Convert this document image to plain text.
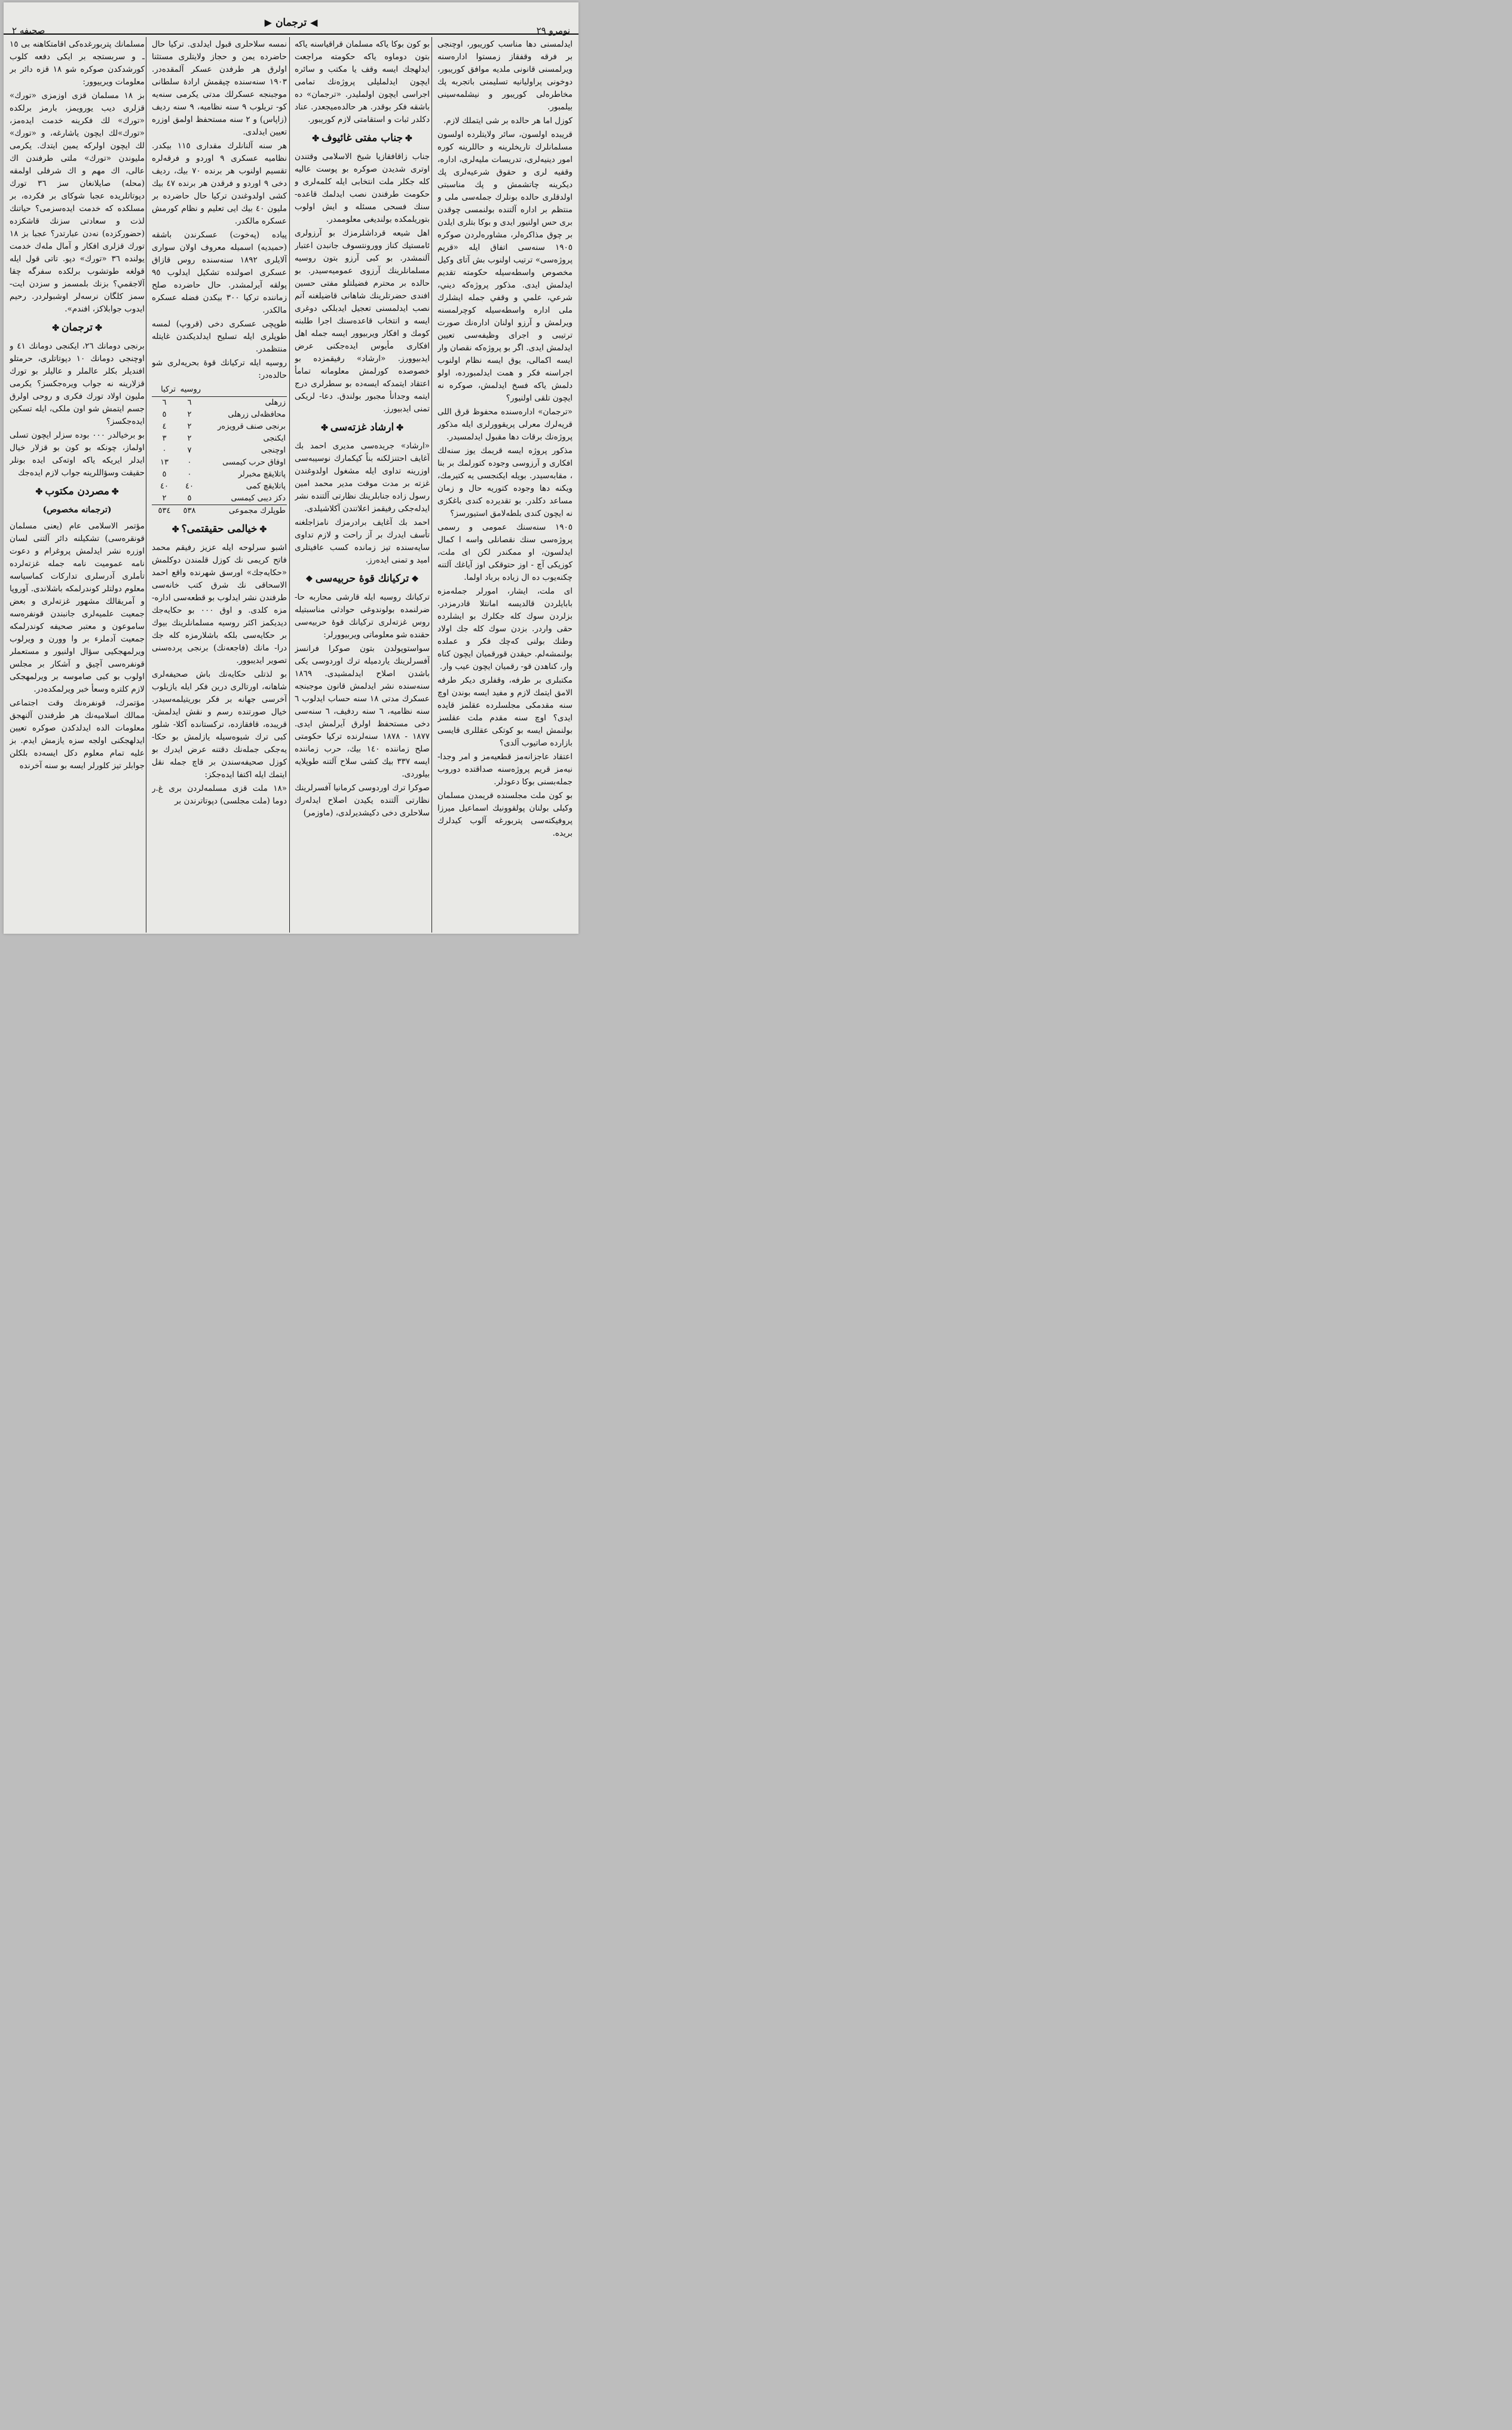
صحيفه ٢
◀ترجمان▶
نومرو ٢٩

ايدلمسنى دها مناسب كوريبور، اوچنجى بر فرقه وقفقاز زمستوا ادارەسنه ويرلمسنى قانونى ملديه موافق كوريبور، دوخونى پراوليانيه تسليمنى باتجربه پك مخاطرەلى كوريبور و نيشلمەسينى بيلمبور.

كوزل اما هر حالده بر شى ايتملك لازم.

قريبده اولسون، سائر ولايتلرده اولسون مسلمانلرك تاريخلرينه و حاللرينه كوره امور دينيەلرى، تدريسات مليەلرى، ادارە، وقفيه لرى و حقوق شرعيەلرى پك ديكرينه چاتشمش و پك مناسبتى اولدقلرى حالده بونلرك جملەسى ملى و منتظم بر اداره آلتنده بولنمسى چوقدن برى حس اولنيور ايدى و بوكا بتلرى ايلدن بر چوق مذاكرەلر، مشاورەلردن صوكره ١٩٠٥ سنەسى اتفاق ايله «قريم پروژەسى» ترتيب اولنوب بش آتاى وكيل مخصوص واسطەسيله حكومته تقديم ايدلمش ايدى. مذكور پروژەكه ديني، شرعي، علمي و وقفي جمله ايشلرك ملى اداره واسطەسيله كوچرلمسنه ويرلمش و آرزو اولنان ادارەنك صورت ترتيبى و اجراى وظيفەسى تعيين ايدلمش ايدى. اگر بو پروژەكه نقصان وار ايسه اكمالى، يوق ايسه نظام اولنوب اجراسنه فكر و همت ايدلمبوردە، اولو دلمش ياكه فسخ ايدلمش، صوكره نه ايچون تلقى اولنيور؟

«ترجمان» ادارەسنده محفوظ قرق اللى قريەلرك معرلى پريقوورلرى ايله مذكور پروژەنك برقات دها مقبول ايدلمسيدر.

مذكور پروژه ايسه قريمك يوز سنەلك افكارى و آرزوسى وجوده كتورلمك بر بنا ، مقابەسيدر. بويله ايكنجسى يه كتيرمك، ويكنه دها وجوده كتوريه حال و زمان مساعد دكلدر. بو تقديرده كندى باغكزى نه ايچون كندى بلطەلامق استيورسز؟

١٩٠٥ سنەسنك عمومى و رسمى پروژەسى سنك نقصانلى واسه ا كمال ايدلسون، او ممكندر لكن اى ملت، كوزيكى آچ - اوز حتوقكى اوز آياغك آلتنه چكنەيوب ده ال زياده برباد اولما.

اى ملت، ايشار، امورلر جملەمزه بابايلردن قالديسه امانتلا قادرمزدر. بزلردن سوك كله جكلرك بو ايشلرده حقى واردر. بزدن سوك كله جك اولاد وطنك بولنى كەچك فكر و عملده بولنمشەلم. حيقدن قورقميان ايچون كناه وار، كناهدن قو- رقميان ايچون عيب وار.

مكتبلرى بر طرفه، وقفلرى ديكر طرفه الامق ايتمك لازم و مفيد ايسه بوندن اوچ سنه مقدمكى مجلسلرده عقلمز قايده ايدى؟ اوچ سنه مقدم ملت عقلسز بولنمش ايسه بو كوتكى عقللرى قايسى بازارده صاتيوب آلدى؟

اعتقاد عاجزانەمز قطعيەمز و امر وجدا- نيەمز قريم پروژەسنه صداقتده دوروب جملەبسنى بوكا دعودلر.

بو كون ملت مجلسنده قريمدن مسلمان وكيلى بولنان پولقوونيك اسماعيل ميرزا پروفيكتەسى پتربورغه آلوب كيدلرك بريده.

بو كون بوكا ياكه مسلمان قراقياسنه ياكه بتون دوماوه ياكه حكومته مراجعت ايدلهجك ايسه وقف يا مكتب و سائره ايچون ايدلمليلى پروژەنك تمامى اجراسى ايچون اولمليدر. «ترجمان» ده باشقه فكر بوقدر. هر حالدەميجعدر. عناد دكلدر ثبات و استقامتى لازم كوريبور.

✤جناب مفتى غائيوف✤

جناب زاقافقازيا شيخ الاسلامى وقتندن اوترى شديدن صوكره بو پوست عاليه كله جكلر ملت انتخابى ايله كلمەلرى و حكومت طرفندن نصب ايدلمك قاعده- سنك فسحى مسئله و ايش اولوب بتوريلمكده بولنديغى معلوممدر.

اهل شيعه قرداشلرمزك بو آرزولرى ئامستيك كناز وورونتسوف جانبدن اعتبار آلنمشدر. بو كبى آرزو بتون روسيه مسلمانلرينك آرزوى عموميەسيدر. بو حالده بر محترم فضيلتلو مفتى حسين افندى حضرتلرينك شاهانى قاضيلغنه آتم نصب ايدلمسنى تعجيل ايدبلكى دوغرى ايسه و انتخاب قاعدەسنك اجرا طلبنه كومك و افكار ويربيوور ايسه جمله اهل افكارى مأيوس ايدەجكنى عرض ايدبيوورز. «ارشاد» رفيقمزده بو خصوصده كورلمش معلومانه تمامأ اعتقاد ايتمدكه ايسەده بو سطرلرى درج ايتمه وجدانأ مجبور بولندق. دعا- لريكى تمنى ايدبيورز.

✤ارشاد غزتەسى✤

«ارشاد» جريدەسى مديرى احمد بك آغايف احتنزلكنه بناً كيكمارك نوسيبەسى اوزرينه تداوى ايله مشغول اولدوغندن غزته بر مدت موقت مدير محمد امين رسول زاده جنابلرينك نظارتى آلتنده نشر ايدلەجكى رفيقمز اعلاتندن آكلاشيلدى.

احمد بك آغايف برادرمزك نامزاجلغنه تأسف ايدرك بر آز راحت و لازم تداوى سايەسنده تيز زمانده كسب عافيتلرى اميد و تمنى ايدەرز.

❖تركيانك قوۀ حربيەسى❖

تركيانك روسيه ايله قارشى محاربه حا- ضرلنمده بولوندوغى حوادثى مناسبتيله روس غزتەلرى تركيانك قوۀ حربيەسى حقنده شو معلوماتى ويربيوورلر:

سواستوپولدن بتون صوكرا فرانسز آفسرلرينك ياردميله ترك اوردوسى يكى باشدن اصلاح ايدلمشيدى. ١٨٦٩ سنەسنده نشر ايدلمش قانون موجبنجه عسكرك مدتى ١٨ سنه حساب ايدلوب ٦ سنه نظاميه، ٦ سنه ردفيف، ٦ سنەسى دخى مستحفظ اولرق آيرلمش ايدى. ١٨٧٧ - ١٨٧٨ سنەلرنده تركيا حكومتى صلح زماننده ١٤٠ بيك، حرب زماننده ايسه ٣٣٧ بيك كشى سلاح آلتنه طوپلايه بيلوردى.

صوكرا ترك اوردوسى كرمانيا آفسرلرينك نظارتى آلتنده يكيدن اصلاح ايدلەرك سلاحلرى دخى دكيشديرلدى، (ماوزمر)

نمسه سلاحلرى قبول ايدلدى. تركيا حال حاضرده يمن و حجاز ولايتلرى مستثنا اولرق هر طرفدن عسكر آلمقدەدر. ١٩٠٣ سنەسنده چيقمش ارادۀ سلطانى موجبنجه عسكرلك مدتى يكرمى سنەيه كو- تريلوب ٩ سنه نظاميه، ٩ سنه رديف (زاپاس) و ٢ سنه مستحفظ اولمق اوزره تعيين ايدلدى.

هر سنه آلنانلرك مقدارى ١١٥ بيكدر. نظاميه عسكرى ٩ اوردو و فرقەلره تقسيم اولنوب هر برنده ٧٠ بيك، رديف دخى ٩ اوردو و فرقدن هر برنده ٤٧ بيك كشى اولدوغندن تركيا حال حاضرده بر مليون ٤٠ بيك ايى تعليم و نظام كورمش عسكره مالكدر.

پياده (پەخوت) عسكرندن باشقه (حميديه) اسميله معروف اولان سوارى آلايلرى ١٨٩٢ سنەسنده روس قازاق عسكرى اصولنده تشكيل ايدلوب ٩٥ پولقه آيرلمشدر. حال حاضرده صلح زماننده تركيا ٣٠٠ بيكدن فضله عسكره مالكدر.

طوپچى عسكرى دخى (قروپ) لمسه طوپلرى ايله تسليح ايدلديكندن غايتله منتظمدر.

روسيه ايله تركيانك قوۀ بحريەلرى شو حالدەدر:

	روسيه	تركيا
زرهلى	٦	٦
محافظەلى زرهلى	٢	٥
برنجى صنف قرويزەر	٢	٤
ايكنجى	٢	٣
اوچنجى	٧	٠
اوفاق حرب كيمسى	٠	١٣
پاتلايقچ مخبرلر	٠	٥
پاتلايقچ كمى	٤٠	٤٠
دكز دیبى كيمسى	٥	٢
طوپلرك مجموعى	٥٣٨	٥٣٤
✤خيالمى حقيقتمى؟✤

اشبو سرلوحه ايله عزيز رفيقم محمد فاتح كريمى نك كوزل قلمندن دوكلمش «حكايەجك» اورسق شهرنده واقع احمد الاسحاقى نك شرق كتب خانەسى طرفندن نشر ايدلوب بو قطعەسى ادارە- مزه كلدى. و اوق ٠٠٠ بو حكايەجك ديديكمز اكثر روسيه مسلمانلرينك بيوك بر حكايەسى بلكه باشلارمزه كله جك درا- مانك (فاجعەنك) برنجى پردەسنى تصوير ايديبوور.

بو لذتلى حكايەنك باش صحيفەلرى شاهانه، اورتالرى درين فكر ايله يازيلوب آخرسى جهانه بر فكر بوريتيلمەسيدر. خيال صورتنده رسم و نقش ايدلمش. قريبده، قافقازده، تركستانده آكلا- شلور كبى ترك شيوەسيله يازلمش بو حكا- يەجكى جملەنك دقتنه عرض ايدرك بو كوزل صحيفەسندن بر قاچ جمله نقل ايتمك ايله اكتفا ايدەجكز:

«١٨ ملت قزى مسلمەلردن برى غ.ر دوما (ملت مجلسى) دپوتاترندن بر

مسلمانك پتربورغدەكى اقامتكاهنه بى ١٥ ـ و سربستجه بر ايكى دفعه كلوب كورشدكدن صوكره شو ١٨ قزه دائر بر معلومات ويرييوور:

بز ١٨ مسلمان قزى اوزمزى «تورك» قزلرى ديب يورويمز، بارمز برلكده «تورك» لك فكرينه خدمت ايدەمز، «تورك»لك ايچون ياشارغه، و «تورك» لك ايچون اولركه يمين ايتدك. يكرمى مليوندن «تورك» ملتى طرفندن اك عالى، اك مهم و اك شرفلى اولمقه (محله) صايلانغان سز ٣٦ تورك دپوتاتلريده عجبا شوكاى بر فكرده، بر مسلكدە كه خدمت ايدەسزمى؟ حياتنك لذت و سعادتى سزنك قاشكزده (حضوركزده) نەدن عبارتدر؟ عجبا بز ١٨ تورك قزلرى افكار و آمال ملەك خدمت يولنده ٣٦ «تورك» دپو. تاتى قول ايله قولغه طوتشوب برلكده سفرگه چقا آلاجقمي؟ بزنك بلمسمز و سزدن ايت- سمز كلگان نرسەلر اوشبولردر. رحيم ايدوب جوابلاكز، افندم».

✤ترجمان✤

برنجى دومانك ٢٦، ايكنجى دومانك ٤١ و اوچنجى دومانك ١٠ دپوتاتلرى، حرمتلو افنديلر بكلر عالملر و عاليلر بو تورك قزلارينه نه جواب ويرەجكسز؟ يكرمى مليون اولاد تورك فكرى و روحى اولرق جسم ايتمش شو اون ملكى، ايله تسكين ايدەجكسز؟

بو برخيالدر ٠٠٠ بوده سزلر ايچون تسلى اولماز، چونكه بو كون بو قزلار خيال ايدلر ايريكه ياكه اوتەكى ايده بونلر حقيقت وسؤاللرينه جواب لازم ايدەجك

✤مصردن مكتوب✤
(ترجمانه مخصوص)

مؤتمر الاسلامى عام (يعنى مسلمان قونقرەسى) تشكيلنه دائر آلتنى لسان اوزره نشر ايدلمش پروغرام و دعوت نامه عموميت نامه جمله غزتەلرده تأملرى آدرسلرى تداركات كماسياسه معلوم دولتلر كوندرلمكه باشلاندى. آوروپا و آمريقالك مشهور غزتەلرى و بعض جمعيت علميەلرى جانبندن قونفرەسه ساموعون و معتبر صحيفه كوندرلمكه جمعيت آدملرء بر وا وورن و ويرلوب ويرلمهجكيى سؤال اولنيور و مستعملر قونفرەسى آچيق و آشكار بر مجلس اولوب بو كبى صاموسه بر ويرلمهجكى لازم كلتره وسعأ خبر ويرلمكدەدر.

مؤتمرك، قونفرەنك وقت اجتماعى ممالك اسلاميەنك هر طرفندن آلنهجق معلومات الده ايدلدكدن صوكره تعيين ايدلهجكنى اولجه سزه يازمش ايدم. بز عليه تمام معلوم دكل ايسەده بلكلن جوابلر تيز كلورلر ايسه بو سنه آخرنده
